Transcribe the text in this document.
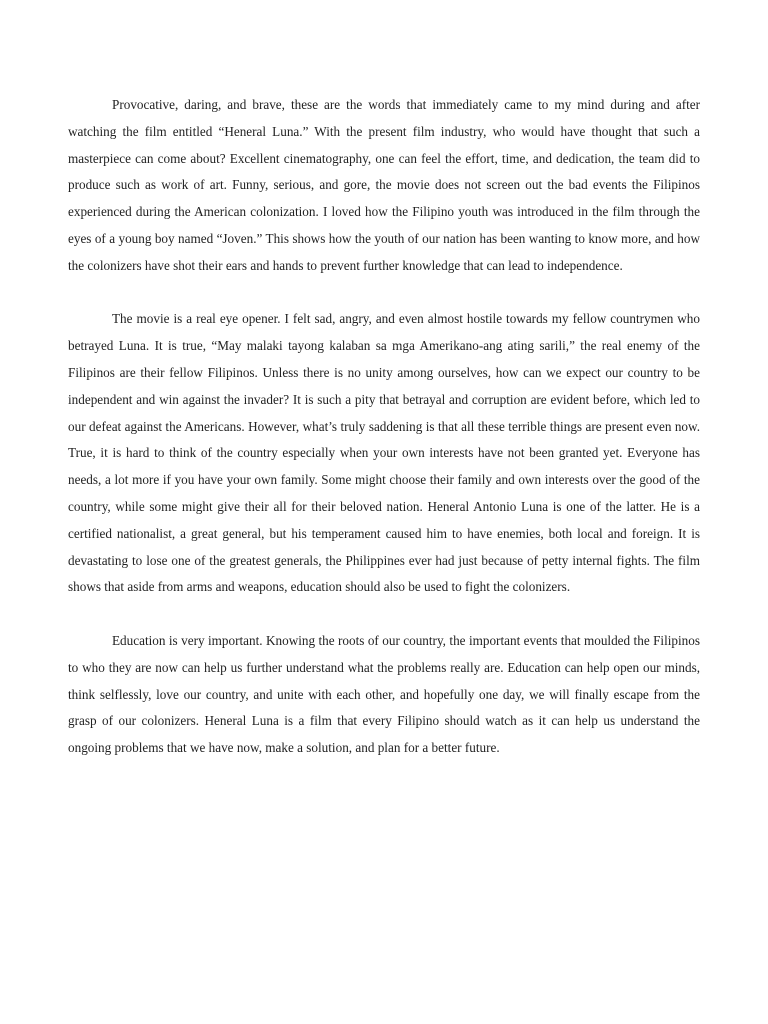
Provocative, daring, and brave, these are the words that immediately came to my mind during and after watching the film entitled “Heneral Luna.” With the present film industry, who would have thought that such a masterpiece can come about? Excellent cinematography, one can feel the effort, time, and dedication, the team did to produce such as work of art. Funny, serious, and gore, the movie does not screen out the bad events the Filipinos experienced during the American colonization. I loved how the Filipino youth was introduced in the film through the eyes of a young boy named “Joven.” This shows how the youth of our nation has been wanting to know more, and how the colonizers have shot their ears and hands to prevent further knowledge that can lead to independence.

The movie is a real eye opener. I felt sad, angry, and even almost hostile towards my fellow countrymen who betrayed Luna. It is true, “May malaki tayong kalaban sa mga Amerikano-ang ating sarili,” the real enemy of the Filipinos are their fellow Filipinos. Unless there is no unity among ourselves, how can we expect our country to be independent and win against the invader? It is such a pity that betrayal and corruption are evident before, which led to our defeat against the Americans. However, what’s truly saddening is that all these terrible things are present even now. True, it is hard to think of the country especially when your own interests have not been granted yet. Everyone has needs, a lot more if you have your own family. Some might choose their family and own interests over the good of the country, while some might give their all for their beloved nation. Heneral Antonio Luna is one of the latter. He is a certified nationalist, a great general, but his temperament caused him to have enemies, both local and foreign. It is devastating to lose one of the greatest generals, the Philippines ever had just because of petty internal fights. The film shows that aside from arms and weapons, education should also be used to fight the colonizers.

Education is very important. Knowing the roots of our country, the important events that moulded the Filipinos to who they are now can help us further understand what the problems really are. Education can help open our minds, think selflessly, love our country, and unite with each other, and hopefully one day, we will finally escape from the grasp of our colonizers. Heneral Luna is a film that every Filipino should watch as it can help us understand the ongoing problems that we have now, make a solution, and plan for a better future.
